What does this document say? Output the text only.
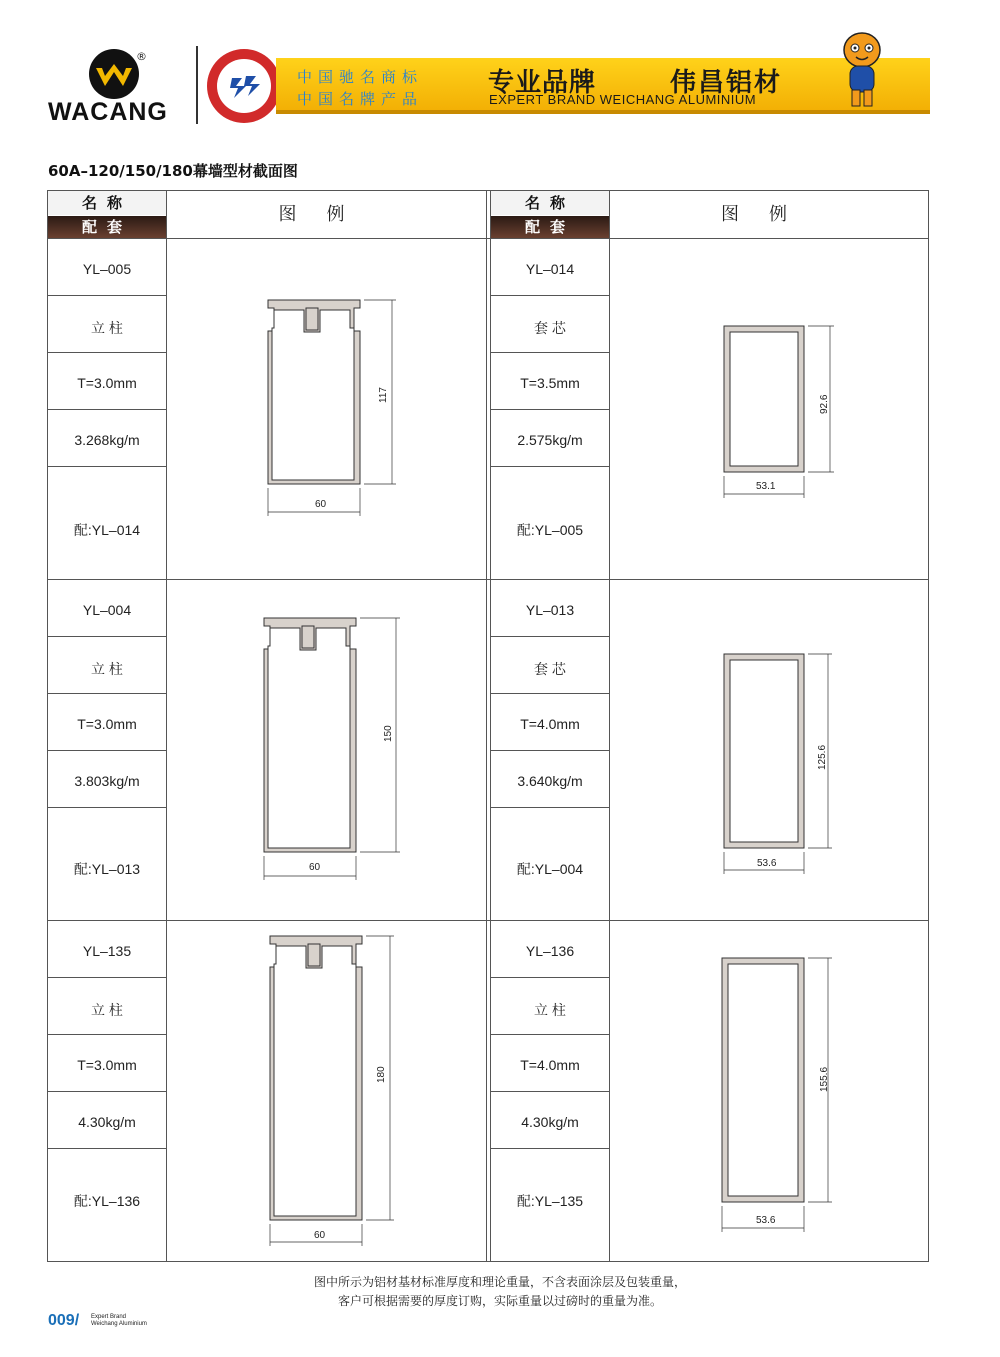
®
WACANG
中国驰名商标
中国名牌产品
专业品牌	伟昌铝材
EXPERT BRAND WEICHANG ALUMINIUM
60A–120/150/180幕墙型材截面图
名称
配套
图例
名称
配套
图例
YL–005
立 柱
T=3.0mm
3.268kg/m
配:YL–014
YL–004
立 柱
T=3.0mm
3.803kg/m
配:YL–013
YL–135
立 柱
T=3.0mm
4.30kg/m
配:YL–136
YL–014
套 芯
T=3.5mm
2.575kg/m
配:YL–005
YL–013
套 芯
T=4.0mm
3.640kg/m
配:YL–004
YL–136
立 柱
T=4.0mm
4.30kg/m
配:YL–135
60
117
60
150
60
180
53.1
92.6
53.6
125.6
53.6
155.6
图中所示为铝材基材标准厚度和理论重量，不含表面涂层及包装重量，
客户可根据需要的厚度订购，实际重量以过磅时的重量为准。
009/ Expert Brand
Weichang Aluminium
